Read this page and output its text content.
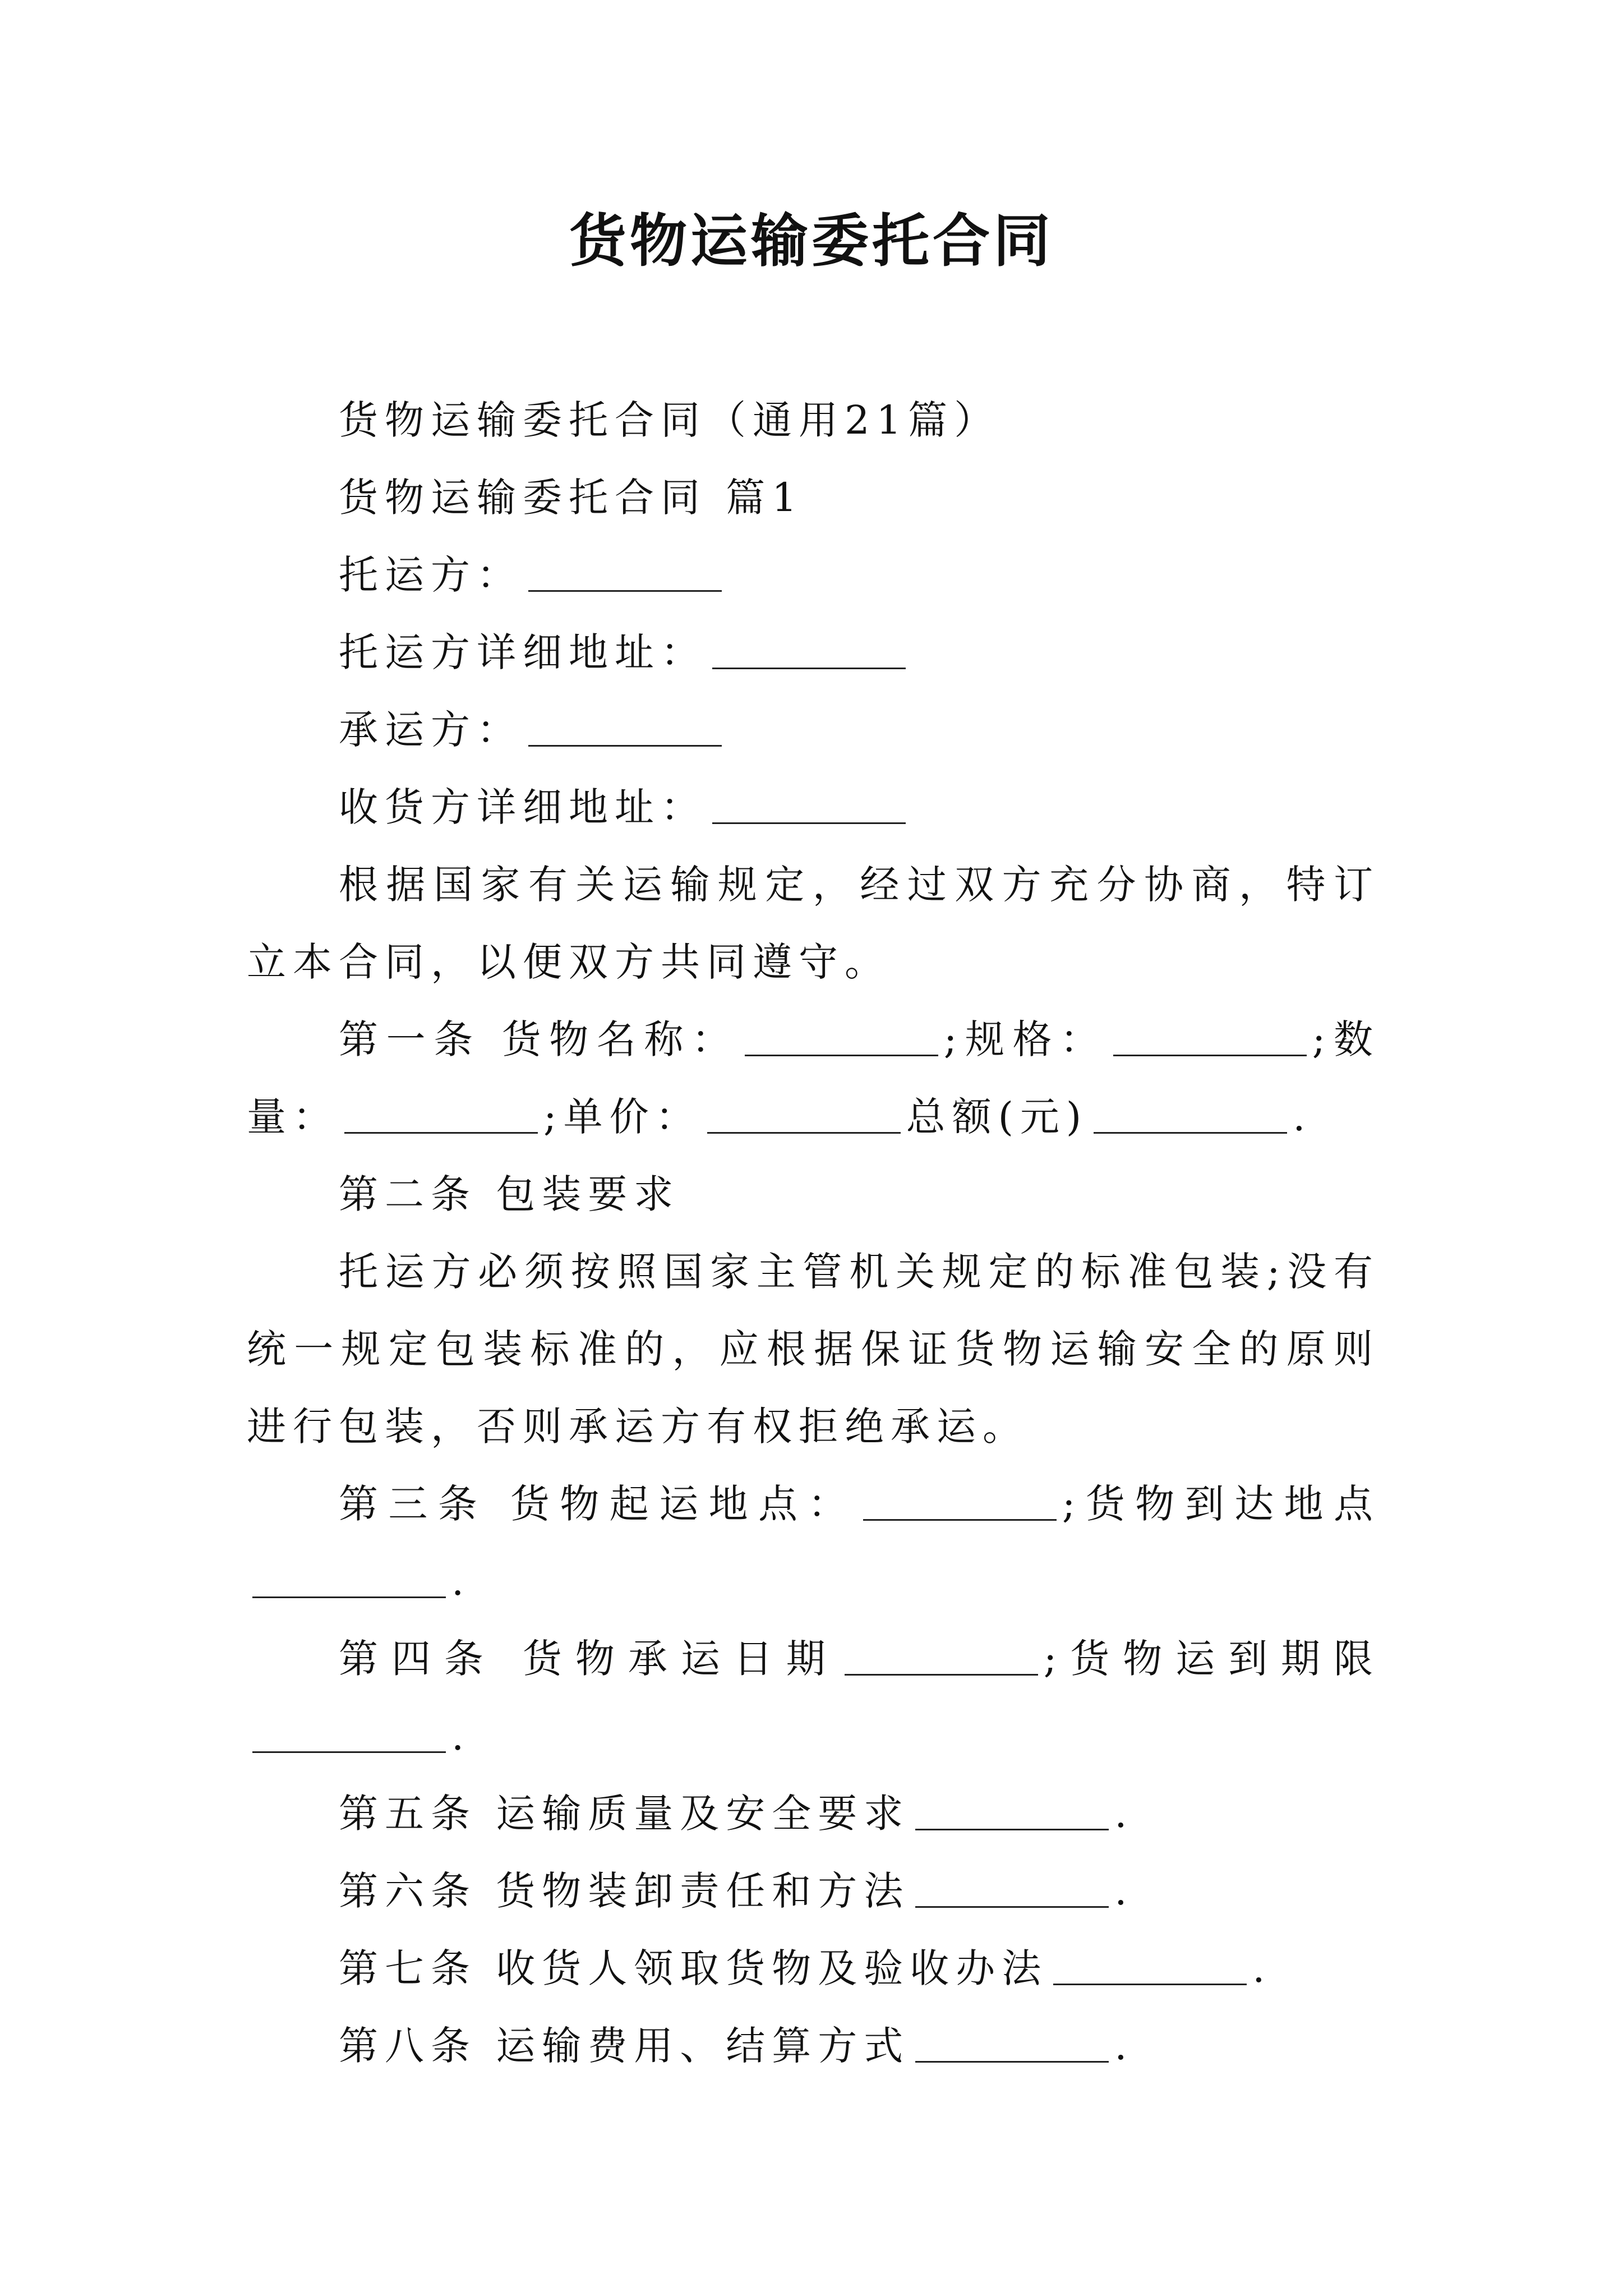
货物运输委托合同

货物运输委托合同（通用21篇）

货物运输委托合同 篇1

托运方：

托运方详细地址：

承运方：

收货方详细地址：

根据国家有关运输规定，经过双方充分协商，特订立本合同，以便双方共同遵守。

第一条 货物名称：	;规格：	;数量：	;单价：	总额(元)	.

第二条 包装要求

托运方必须按照国家主管机关规定的标准包装;没有统一规定包装标准的，应根据保证货物运输安全的原则进行包装，否则承运方有权拒绝承运。

第三条 货物起运地点：	;货物到达地点.

第四条 货物承运日期	;货物运到期限.

第五条 运输质量及安全要求	.

第六条 货物装卸责任和方法	.

第七条 收货人领取货物及验收办法	.

第八条 运输费用、结算方式	.
